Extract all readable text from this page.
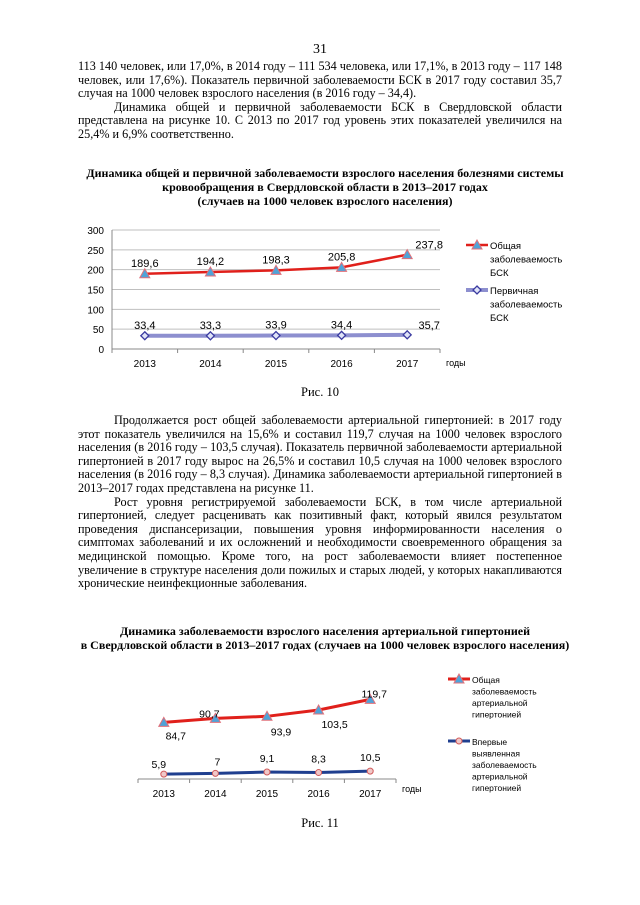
31

113 140 человек, или 17,0%, в 2014 году – 111 534 человека, или 17,1%, в 2013 году – 117 148 человек, или 17,6%). Показатель первичной заболеваемости БСК в 2017 году составил 35,7 случая на 1000 человек взрослого населения (в 2016 году – 34,4).

Динамика общей и первичной заболеваемости БСК в Свердловской области представлена на рисунке 10. С 2013 по 2017 год уровень этих показателей увеличился на 25,4% и 6,9% соответственно.

Динамика общей и первичной заболеваемости взрослого населения болезнями системы
кровообращения в Свердловской области в 2013–2017 годах
(случаев на 1000 человек взрослого населения)
Рис. 10

Продолжается рост общей заболеваемости артериальной гипертонией: в 2017 году этот показатель увеличился на 15,6% и составил 119,7 случая на 1000 человек взрослого населения (в 2016 году – 103,5 случая). Показатель первичной заболеваемости артериальной гипертонией в 2017 году вырос на 26,5% и составил 10,5 случая на 1000 человек взрослого населения (в 2016 году – 8,3 случая). Динамика заболеваемости артериальной гипертонией в 2013–2017 годах представлена на рисунке 11.

Рост уровня регистрируемой заболеваемости БСК, в том числе артериальной гипертонией, следует расценивать как позитивный факт, который явился результатом проведения диспансеризации, повышения уровня информированности населения о симптомах заболеваний и их осложнений и необходимости своевременного обращения за медицинской помощью. Кроме того, на рост заболеваемости влияет постепенное увеличение в структуре населения доли пожилых и старых людей, у которых накапливаются хронические неинфекционные заболевания.

Динамика заболеваемости взрослого населения артериальной гипертонией
в Свердловской области в 2013–2017 годах (случаев на 1000 человек взрослого населения)
Рис. 11
0
50
100
150
200
250
300
2013	2014	2015	2016	2017	годы
189,6	194,2	198,3	205,8
237,8	Общая
заболеваемость
БСК
33,4	33,3	33,9	34,4	35,7
Первичная
заболеваемость
БСК
2013	2014	2015	2016	2017 годы
84,7
90,7
93,9
103,5
119,7
Общая
заболеваемость
артериальной
гипертонией
5,9	7	9,1	8,3	10,5
Впервые
выявленная
заболеваемость
артериальной
гипертонией
